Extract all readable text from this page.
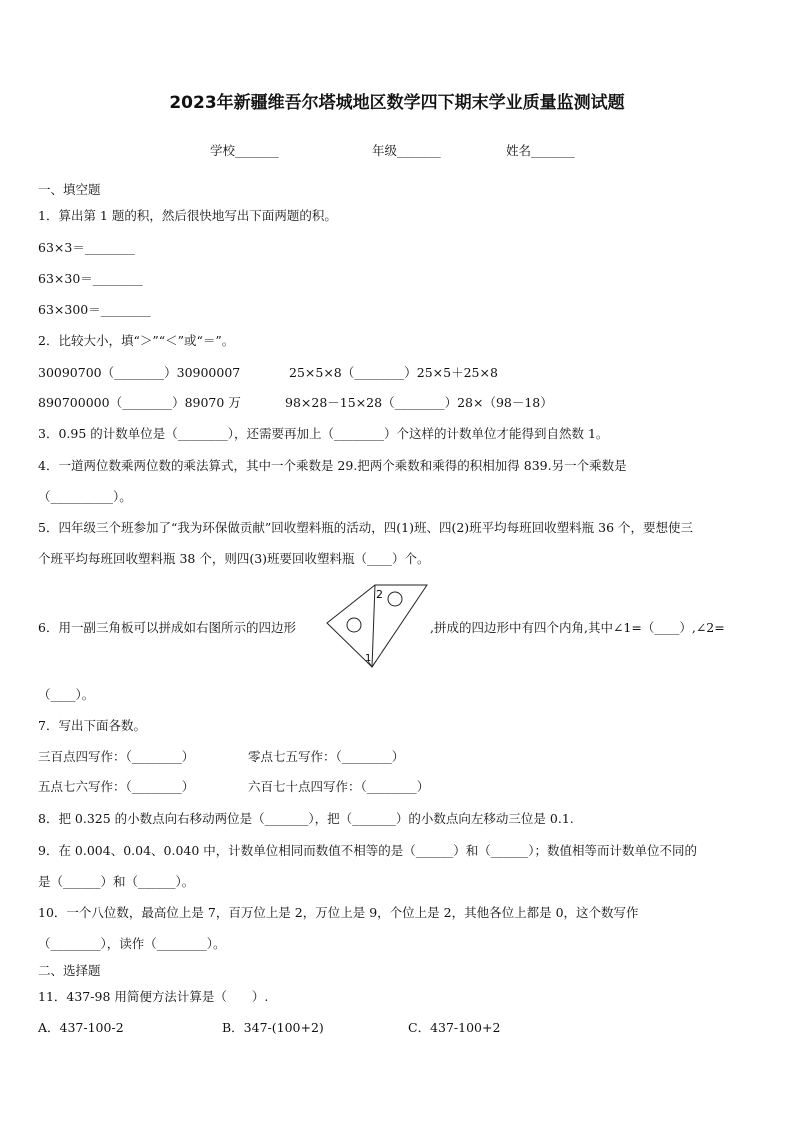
2023年新疆维吾尔塔城地区数学四下期末学业质量监测试题
学校_______	年级_______	姓名_______
一、填空题
1．算出第 1 题的积，然后很快地写出下面两题的积。
63×3＝________
63×30＝________
63×300＝________
2．比较大小，填“＞”“＜”或“＝”。
30090700（________）30900007	25×5×8（________）25×5＋25×8
890700000（________）89070 万	98×28－15×28（________）28×（98－18）
3．0.95 的计数单位是（________），还需要再加上（________）个这样的计数单位才能得到自然数 1。
4．一道两位数乘两位数的乘法算式，其中一个乘数是 29.把两个乘数和乘得的积相加得 839.另一个乘数是
（__________）。
5．四年级三个班参加了“我为环保做贡献”回收塑料瓶的活动，四(1)班、四(2)班平均每班回收塑料瓶 36 个，要想使三
个班平均每班回收塑料瓶 38 个，则四(3)班要回收塑料瓶（____）个。
6．用一副三角板可以拼成如右图所示的四边形
2
1
,拼成的四边形中有四个内角,其中∠1=（____）,∠2=
（____）。
7．写出下面各数。
三百点四写作：（________）	零点七五写作：（________）
五点七六写作：（________）	六百七十点四写作：（________）
8．把 0.325 的小数点向右移动两位是（_______），把（_______）的小数点向左移动三位是 0.1.
9．在 0.004、0.04、0.040 中，计数单位相同而数值不相等的是（______）和（______）；数值相等而计数单位不同的
是（______）和（______）。
10．一个八位数，最高位上是 7，百万位上是 2，万位上是 9，个位上是 2，其他各位上都是 0，这个数写作
（________），读作（________）。
二、选择题
11．437-98 用简便方法计算是（　　）.
A．437-100-2	B．347-(100+2)	C．437-100+2
